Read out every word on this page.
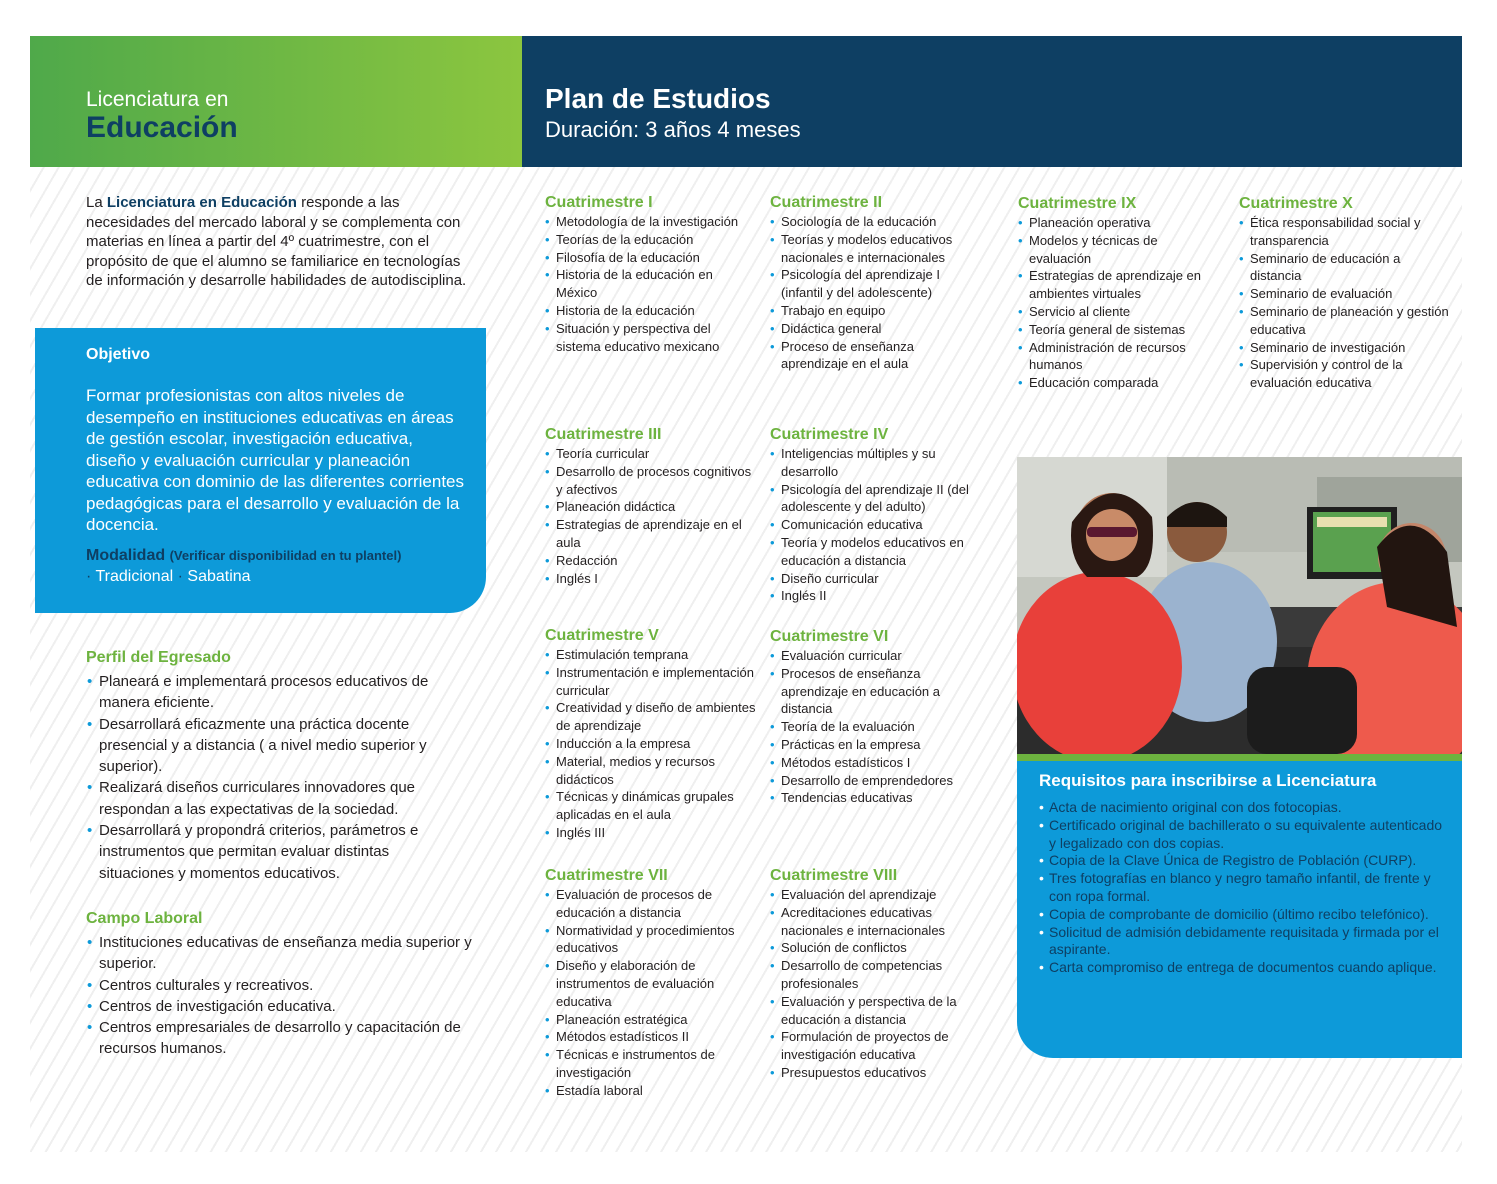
Licenciatura en
Educación
Plan de Estudios
Duración: 3 años 4 meses

La Licenciatura en Educación responde a las necesidades del mercado laboral y se complementa con materias en línea a partir del 4º cuatrimestre, con el propósito de que el alumno se familiarice en tecnologías de información y desarrolle habilidades de autodisciplina.

Objetivo

Formar profesionistas con altos niveles de desempeño en instituciones educativas en áreas de gestión escolar, investigación educativa, diseño y evaluación curricular y planeación educativa con dominio de las diferentes corrientes pedagógicas para el desarrollo y evaluación de la docencia.

Modalidad (Verificar disponibilidad en tu plantel)
· Tradicional · Sabatina
Perfil del Egresado
• Planeará e implementará procesos educativos de manera eficiente.
• Desarrollará eficazmente una práctica docente presencial y a distancia ( a nivel medio superior y superior).
• Realizará diseños curriculares innovadores que respondan a las expectativas de la sociedad.
• Desarrollará y propondrá criterios, parámetros e instrumentos que permitan evaluar distintas situaciones y momentos educativos.
Campo Laboral
• Instituciones educativas de enseñanza media superior y superior.
• Centros culturales y recreativos.
• Centros de investigación educativa.
• Centros empresariales de desarrollo y capacitación de recursos humanos.
Cuatrimestre I
• Metodología de la investigación
• Teorías de la educación
• Filosofía de la educación
• Historia de la educación en México
• Historia de la educación
• Situación y perspectiva del sistema educativo mexicano
Cuatrimestre II
• Sociología de la educación
• Teorías y modelos educativos nacionales e internacionales
• Psicología del aprendizaje I (infantil y del adolescente)
• Trabajo en equipo
• Didáctica general
• Proceso de enseñanza aprendizaje en el aula
Cuatrimestre III
• Teoría curricular
• Desarrollo de procesos cognitivos y afectivos
• Planeación didáctica
• Estrategias de aprendizaje en el aula
• Redacción
• Inglés I
Cuatrimestre IV
• Inteligencias múltiples y su desarrollo
• Psicología del aprendizaje II (del adolescente y del adulto)
• Comunicación educativa
• Teoría y modelos educativos en educación a distancia
• Diseño curricular
• Inglés II
Cuatrimestre V
• Estimulación temprana
• Instrumentación e implementación curricular
• Creatividad y diseño de ambientes de aprendizaje
• Inducción a la empresa
• Material, medios y recursos didácticos
• Técnicas y dinámicas grupales aplicadas en el aula
• Inglés III
Cuatrimestre VI
• Evaluación curricular
• Procesos de enseñanza aprendizaje en educación a distancia
• Teoría de la evaluación
• Prácticas en la empresa
• Métodos estadísticos I
• Desarrollo de emprendedores
• Tendencias educativas
Cuatrimestre VII
• Evaluación de procesos de educación a distancia
• Normatividad y procedimientos educativos
• Diseño y elaboración de instrumentos de evaluación educativa
• Planeación estratégica
• Métodos estadísticos II
• Técnicas e instrumentos de investigación
• Estadía laboral
Cuatrimestre VIII
• Evaluación del aprendizaje
• Acreditaciones educativas nacionales e internacionales
• Solución de conflictos
• Desarrollo de competencias profesionales
• Evaluación y perspectiva de la educación a distancia
• Formulación de proyectos de investigación educativa
• Presupuestos educativos
Cuatrimestre IX
• Planeación operativa
• Modelos y técnicas de evaluación
• Estrategias de aprendizaje en ambientes virtuales
• Servicio al cliente
• Teoría general de sistemas
• Administración de recursos humanos
• Educación comparada
Cuatrimestre X
• Ética responsabilidad social y transparencia
• Seminario de educación a distancia
• Seminario de evaluación
• Seminario de planeación y gestión educativa
• Seminario de investigación
• Supervisión y control de la evaluación educativa
Requisitos para inscribirse a Licenciatura
• Acta de nacimiento original con dos fotocopias.
• Certificado original de bachillerato o su equivalente autenticado y legalizado con dos copias.
• Copia de la Clave Única de Registro de Población (CURP).
• Tres fotografías en blanco y negro tamaño infantil, de frente y con ropa formal.
• Copia de comprobante de domicilio (último recibo telefónico).
• Solicitud de admisión debidamente requisitada y firmada por el aspirante.
• Carta compromiso de entrega de documentos cuando aplique.
